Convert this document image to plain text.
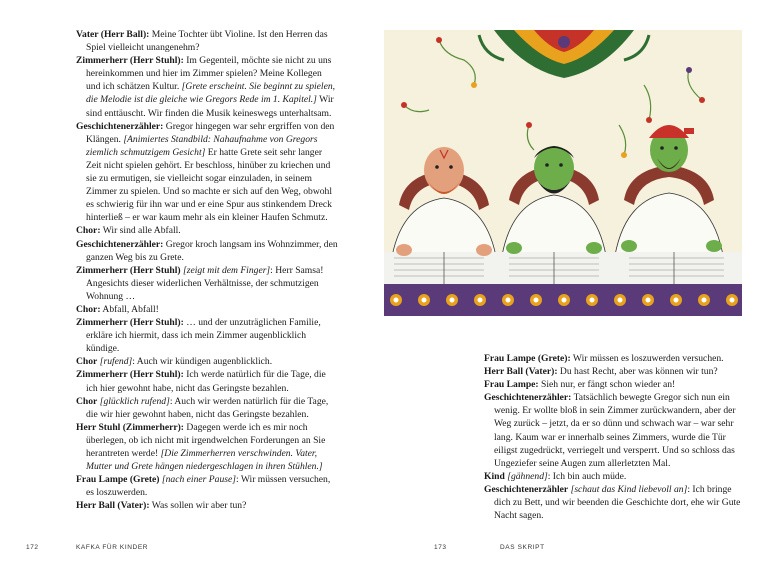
Vater (Herr Ball): Meine Tochter übt Violine. Ist den Herren das Spiel vielleicht unangenehm?

Zimmerherr (Herr Stuhl): Im Gegenteil, möchte sie nicht zu uns hereinkommen und hier im Zimmer spielen? Meine Kollegen und ich schätzen Kultur. [Grete erscheint. Sie beginnt zu spielen, die Melodie ist die gleiche wie Gregors Rede im 1. Kapitel.] Wir sind enttäuscht. Wir finden die Musik keineswegs unterhaltsam.

Geschichtenerzähler: Gregor hingegen war sehr ergriffen von den Klängen. [Animiertes Standbild: Nahaufnahme von Gregors ziemlich schmutzigem Gesicht] Er hatte Grete seit sehr langer Zeit nicht spielen gehört. Er beschloss, hinüber zu kriechen und sie zu ermutigen, sie vielleicht sogar einzuladen, in seinem Zimmer zu spielen. Und so machte er sich auf den Weg, obwohl es schwierig für ihn war und er eine Spur aus stinkendem Dreck hinterließ – er war kaum mehr als ein kleiner Haufen Schmutz.

Chor: Wir sind alle Abfall.

Geschichtenerzähler: Gregor kroch langsam ins Wohnzimmer, den ganzen Weg bis zu Grete.

Zimmerherr (Herr Stuhl) [zeigt mit dem Finger]: Herr Samsa! Angesichts dieser widerlichen Verhältnisse, der schmutzigen Wohnung …

Chor: Abfall, Abfall!

Zimmerherr (Herr Stuhl): … und der unzuträglichen Familie, erkläre ich hiermit, dass ich mein Zimmer augenblicklich kündige.

Chor [rufend]: Auch wir kündigen augenblicklich.

Zimmerherr (Herr Stuhl): Ich werde natürlich für die Tage, die ich hier gewohnt habe, nicht das Geringste bezahlen.

Chor [glücklich rufend]: Auch wir werden natürlich für die Tage, die wir hier gewohnt haben, nicht das Geringste bezahlen.

Herr Stuhl (Zimmerherr): Dagegen werde ich es mir noch überlegen, ob ich nicht mit irgendwelchen Forderungen an Sie herantreten werde! [Die Zimmerherren verschwinden. Vater, Mutter und Grete hängen niedergeschlagen in ihren Stühlen.]

Frau Lampe (Grete) [nach einer Pause]: Wir müssen versuchen, es loszuwerden.

Herr Ball (Vater): Was sollen wir aber tun?

172	KAFKA FÜR KINDER

Frau Lampe (Grete): Wir müssen es loszuwerden versuchen.

Herr Ball (Vater): Du hast Recht, aber was können wir tun?

Frau Lampe: Sieh nur, er fängt schon wieder an!

Geschichtenerzähler: Tatsächlich bewegte Gregor sich nun ein wenig. Er wollte bloß in sein Zimmer zurückwandern, aber der Weg zurück – jetzt, da er so dünn und schwach war – war sehr lang. Kaum war er innerhalb seines Zimmers, wurde die Tür eiligst zugedrückt, verriegelt und versperrt. Und so schloss das Ungeziefer seine Augen zum allerletzten Mal.

Kind [gähnend]: Ich bin auch müde.

Geschichtenerzähler [schaut das Kind liebevoll an]: Ich bringe dich zu Bett, und wir beenden die Geschichte dort, ehe wir Gute Nacht sagen.

173	DAS SKRIPT
